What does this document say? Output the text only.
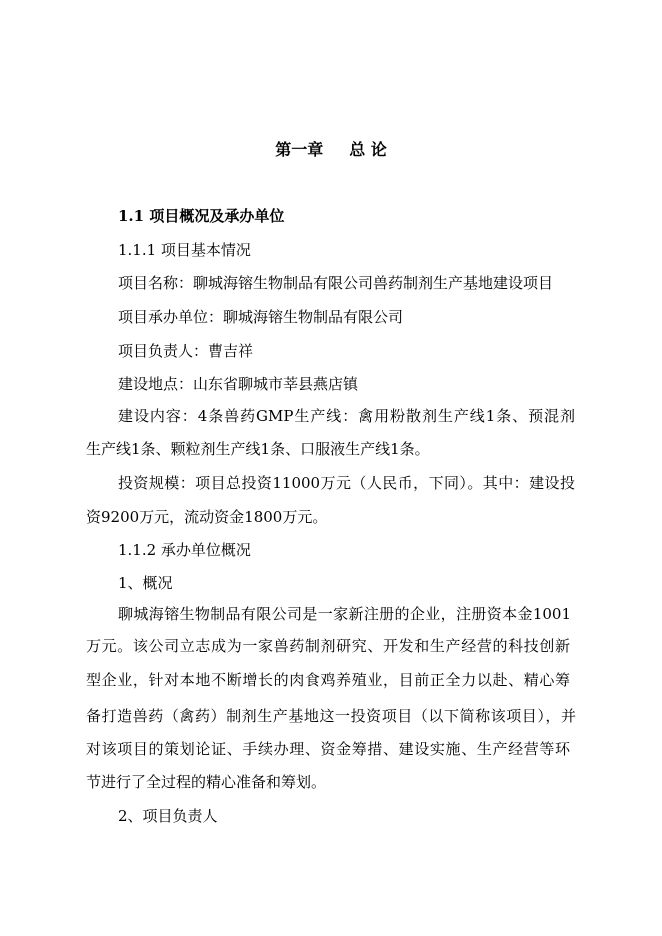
第一章 总 论
1.1 项目概况及承办单位
1.1.1 项目基本情况
项目名称：聊城海镕生物制品有限公司兽药制剂生产基地建设项目
项目承办单位：聊城海镕生物制品有限公司
项目负责人：曹吉祥
建设地点：山东省聊城市莘县燕店镇
建设内容：4条兽药GMP生产线：禽用粉散剂生产线1条、预混剂
生产线1条、颗粒剂生产线1条、口服液生产线1条。
投资规模：项目总投资11000万元（人民币，下同）。其中：建设投
资9200万元，流动资金1800万元。
1.1.2 承办单位概况
1、概况
聊城海镕生物制品有限公司是一家新注册的企业，注册资本金1001
万元。该公司立志成为一家兽药制剂研究、开发和生产经营的科技创新
型企业，针对本地不断增长的肉食鸡养殖业，目前正全力以赴、精心筹
备打造兽药（禽药）制剂生产基地这一投资项目（以下简称该项目），并
对该项目的策划论证、手续办理、资金筹措、建设实施、生产经营等环
节进行了全过程的精心准备和筹划。
2、项目负责人
